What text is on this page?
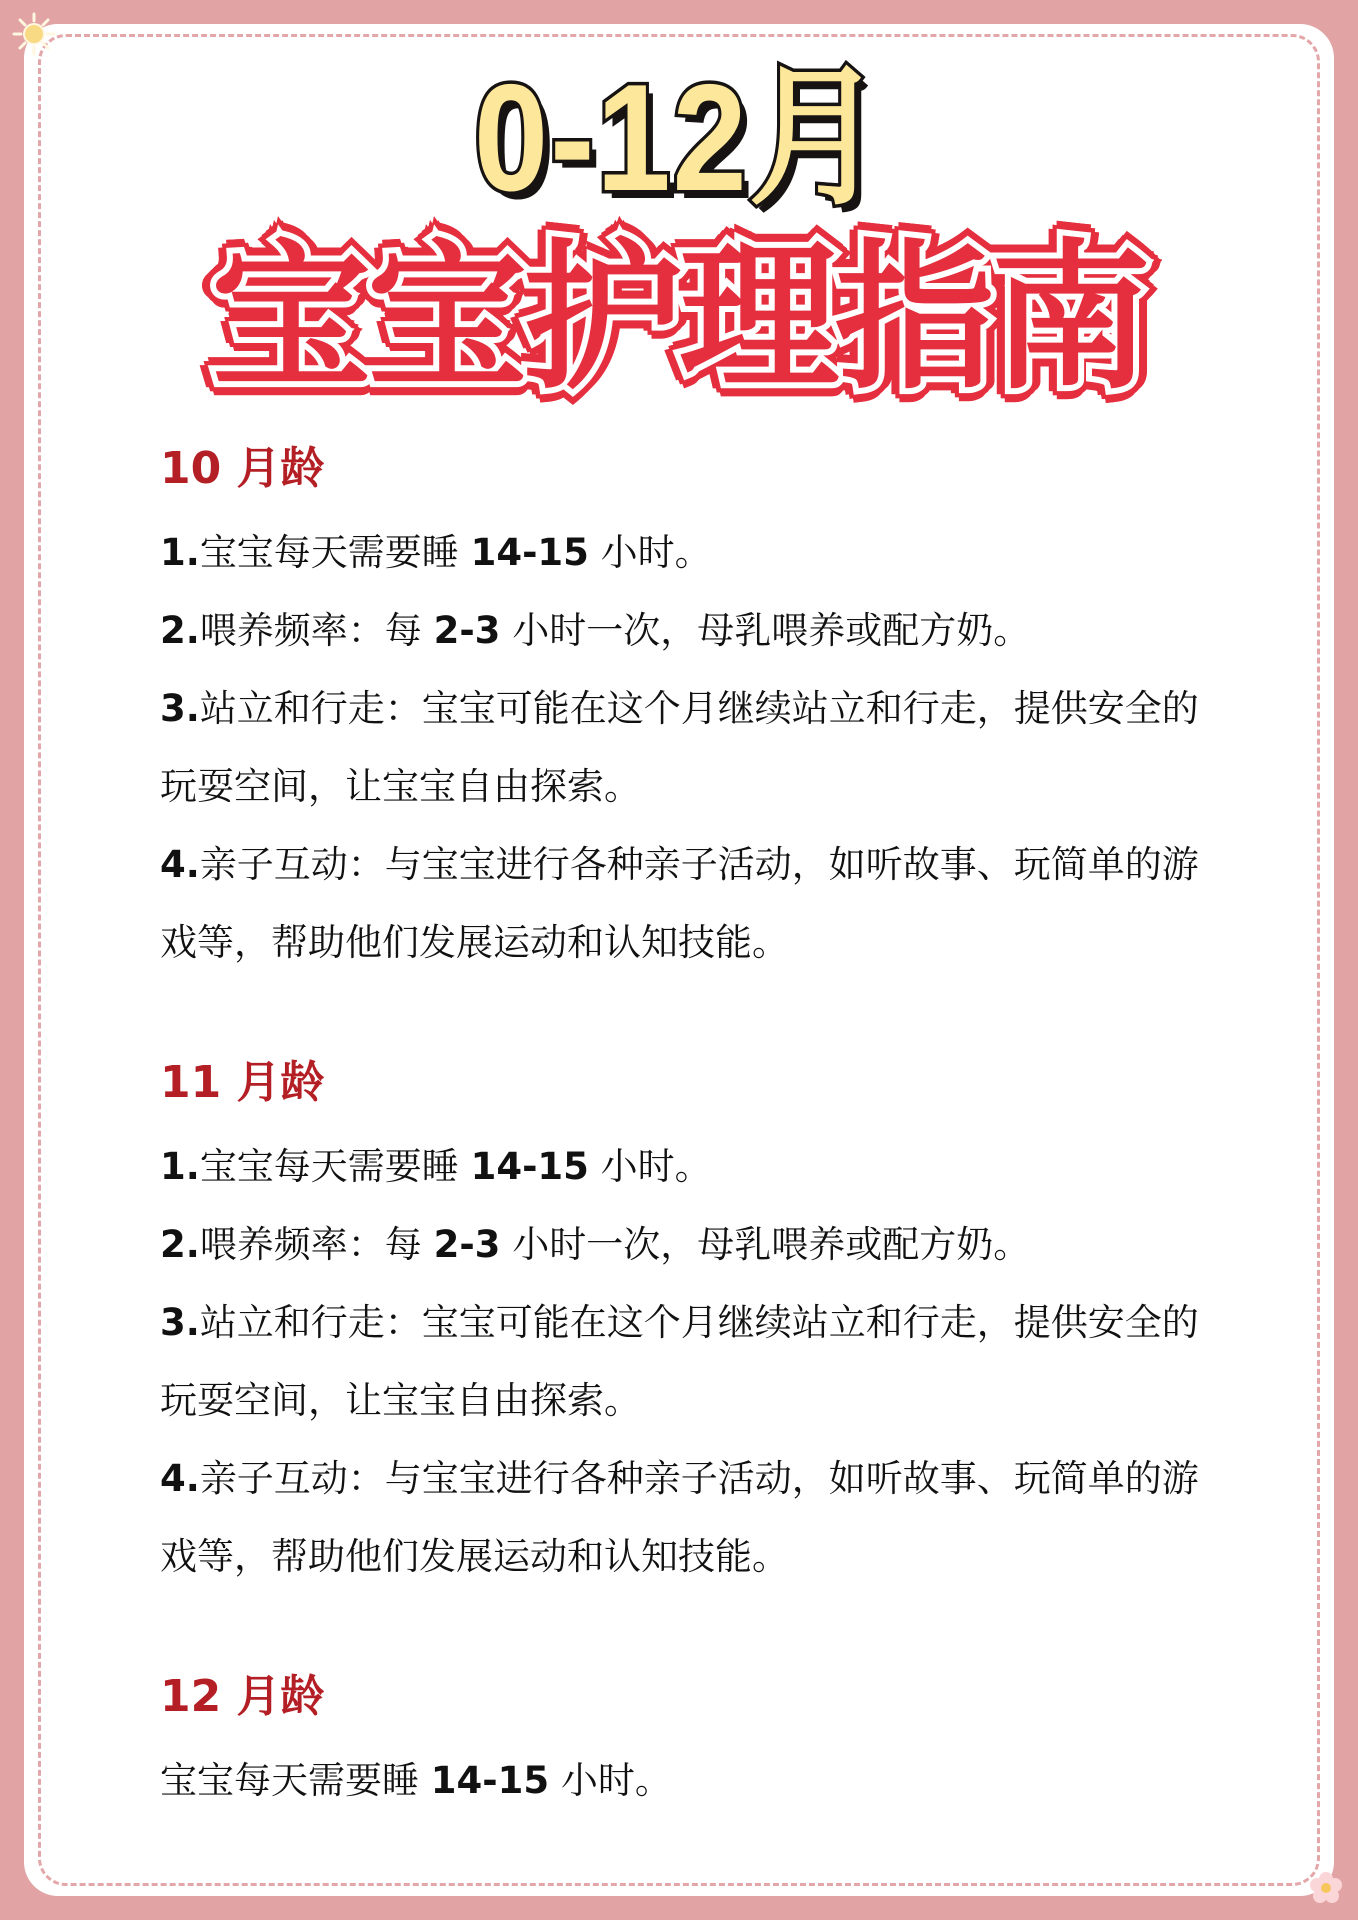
0-12月
宝宝护理指南
10 月龄

1.宝宝每天需要睡 14-15 小时。

2.喂养频率：每 2-3 小时一次，母乳喂养或配方奶。

3.站立和行走：宝宝可能在这个月继续站立和行走，提供安全的玩耍空间，让宝宝自由探索。

4.亲子互动：与宝宝进行各种亲子活动，如听故事、玩简单的游戏等，帮助他们发展运动和认知技能。

11 月龄

1.宝宝每天需要睡 14-15 小时。

2.喂养频率：每 2-3 小时一次，母乳喂养或配方奶。

3.站立和行走：宝宝可能在这个月继续站立和行走，提供安全的玩耍空间，让宝宝自由探索。

4.亲子互动：与宝宝进行各种亲子活动，如听故事、玩简单的游戏等，帮助他们发展运动和认知技能。

12 月龄

宝宝每天需要睡 14-15 小时。
